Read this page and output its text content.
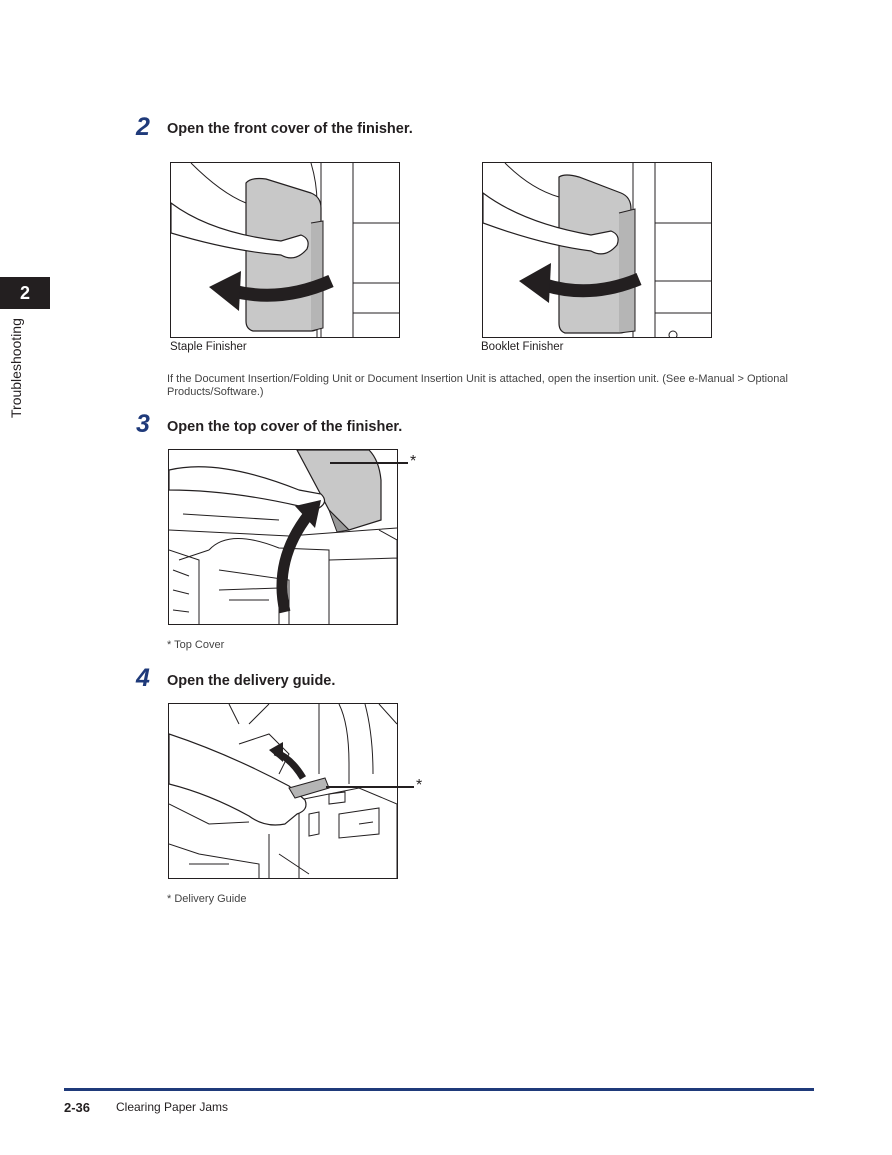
2
Troubleshooting
2 Open the front cover of the finisher.
Staple Finisher	Booklet Finisher
If the Document Insertion/Folding Unit or Document Insertion Unit is attached, open the insertion unit. (See e-Manual > Optional Products/Software.)
3 Open the top cover of the finisher.
*
* Top Cover
4 Open the delivery guide.
*
* Delivery Guide
2-36 Clearing Paper Jams
